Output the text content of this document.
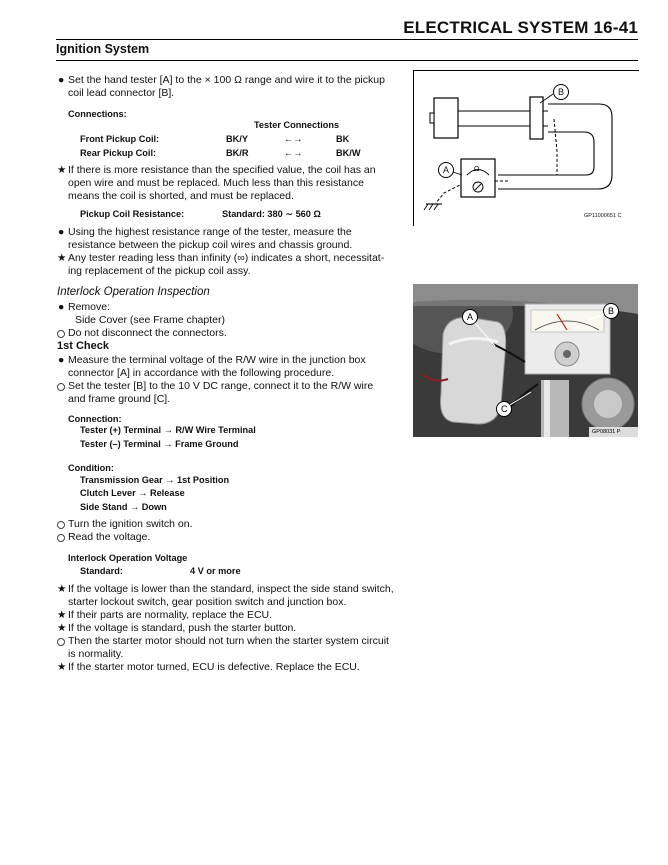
ELECTRICAL SYSTEM 16-41
Ignition System
● Set the hand tester [A] to the × 100 Ω range and wire it to the pickup
coil lead connector [B].
Connections:
Tester Connections
Front Pickup Coil:	BK/Y	←→	BK
Rear Pickup Coil:	BK/R	←→	BK/W
★ If there is more resistance than the specified value, the coil has an
open wire and must be replaced. Much less than this resistance
means the coil is shorted, and must be replaced.
Pickup Coil Resistance:	Standard: 380 ∼ 560 Ω
● Using the highest resistance range of the tester, measure the
resistance between the pickup coil wires and chassis ground.
★ Any tester reading less than infinity (∞) indicates a short, necessitat-
ing replacement of the pickup coil assy.
Interlock Operation Inspection
● Remove:
Side Cover (see Frame chapter)
Do not disconnect the connectors.
1st Check
● Measure the terminal voltage of the R/W wire in the junction box
connector [A] in accordance with the following procedure.
Set the tester [B] to the 10 V DC range, connect it to the R/W wire
and frame ground [C].
Connection:
Tester (+) Terminal → R/W Wire Terminal
Tester (–) Terminal → Frame Ground
Condition:
Transmission Gear → 1st Position
Clutch Lever → Release
Side Stand → Down
Turn the ignition switch on.
Read the voltage.
Interlock Operation Voltage
Standard:	4 V or more
★ If the voltage is lower than the standard, inspect the side stand switch,
starter lockout switch, gear position switch and junction box.
★ If their parts are normality, replace the ECU.
★ If the voltage is standard, push the starter button.
Then the starter motor should not turn when the starter system circuit
is normality.
★ If the starter motor turned, ECU is defective. Replace the ECU.
Ω
B
A
GP11000651 C
A
B
C
GP08031 P
